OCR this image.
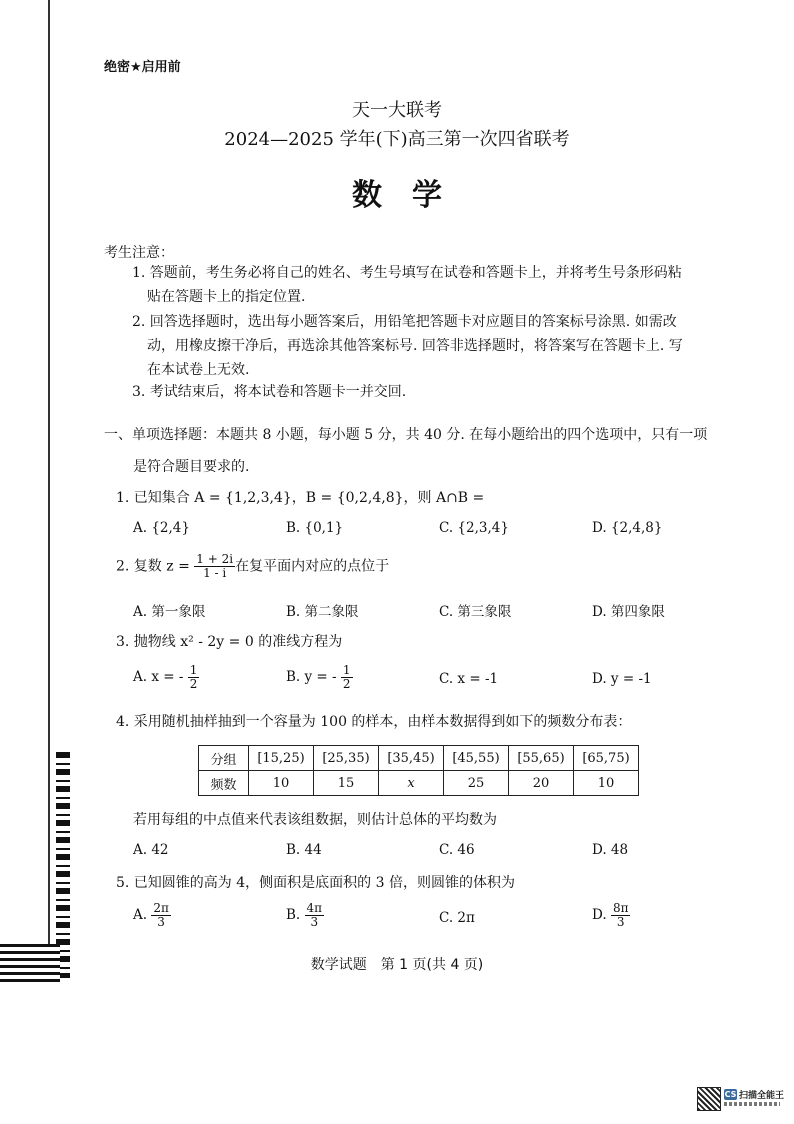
绝密★启用前
天一大联考
2024—2025 学年(下)高三第一次四省联考
数学
考生注意：
1. 答题前，考生务必将自己的姓名、考生号填写在试卷和答题卡上，并将考生号条形码粘
贴在答题卡上的指定位置.
2. 回答选择题时，选出每小题答案后，用铅笔把答题卡对应题目的答案标号涂黑. 如需改
动，用橡皮擦干净后，再选涂其他答案标号. 回答非选择题时，将答案写在答题卡上. 写
在本试卷上无效.
3. 考试结束后，将本试卷和答题卡一并交回.
一、单项选择题：本题共 8 小题，每小题 5 分，共 40 分. 在每小题给出的四个选项中，只有一项
是符合题目要求的.
1. 已知集合 A = {1,2,3,4}，B = {0,2,4,8}，则 A∩B =
A. {2,4}	B. {0,1}	C. {2,3,4}	D. {2,4,8}
2. 复数 $z = \frac{1 + 2i}{1 - i}$ 在复平面内对应的点位于
A. 第一象限	B. 第二象限	C. 第三象限	D. 第四象限
3. 抛物线 x² - 2y = 0 的准线方程为
A. x = - $\frac{1}{2}$	B. y = - $\frac{1}{2}$	C. x = -1	D. y = -1
4. 采用随机抽样抽到一个容量为 100 的样本，由样本数据得到如下的频数分布表：
分组	[15,25)	[25,35)	[35,45)	[45,55)	[55,65)	[65,75)
频数	10	15	x	25	20	10
若用每组的中点值来代表该组数据，则估计总体的平均数为
A. 42	B. 44	C. 46	D. 48
5. 已知圆锥的高为 4，侧面积是底面积的 3 倍，则圆锥的体积为
A. $\frac{2\pi}{3}$	B. $\frac{4\pi}{3}$	C. 2π	D. $\frac{8\pi}{3}$
数学试题　第 1 页(共 4 页)
CS 扫描全能王
